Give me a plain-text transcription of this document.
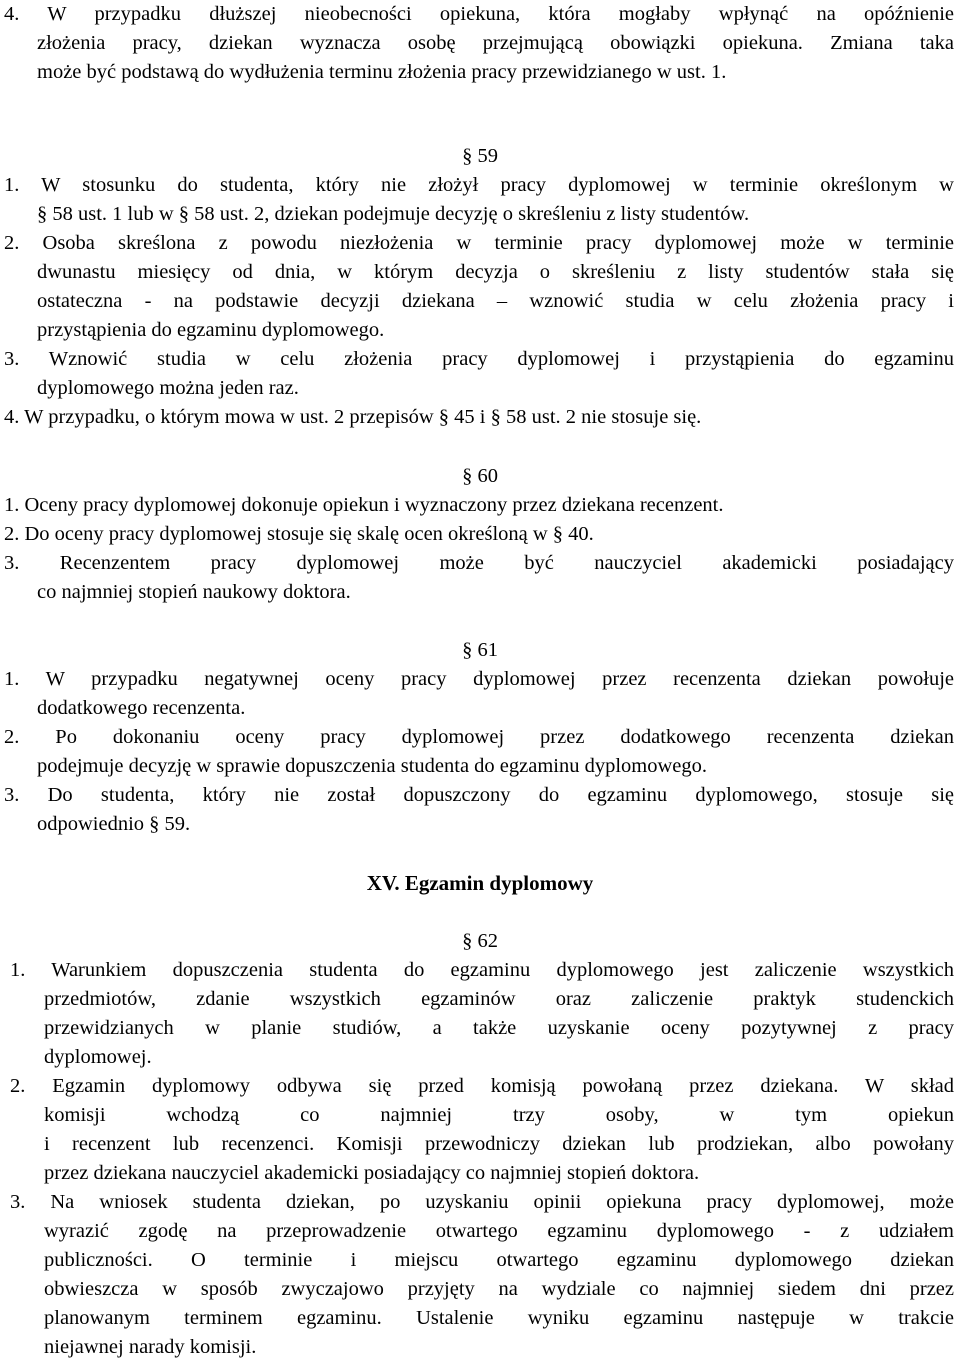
4. W przypadku dłuższej nieobecności opiekuna, która mogłaby wpłynąć na opóźnienie
złożenia pracy, dziekan wyznacza osobę przejmującą obowiązki opiekuna. Zmiana taka
może być podstawą do wydłużenia terminu złożenia pracy przewidzianego w ust. 1.
§ 59
1. W stosunku do studenta, który nie złożył pracy dyplomowej w terminie określonym w
§ 58 ust. 1 lub w § 58 ust. 2, dziekan podejmuje decyzję o skreśleniu z listy studentów.
2. Osoba skreślona z powodu niezłożenia w terminie pracy dyplomowej może w terminie
dwunastu miesięcy od dnia, w którym decyzja o skreśleniu z listy studentów stała się
ostateczna - na podstawie decyzji dziekana – wznowić studia w celu złożenia pracy i
przystąpienia do egzaminu dyplomowego.
3. Wznowić studia w celu złożenia pracy dyplomowej i przystąpienia do egzaminu
dyplomowego można jeden raz.
4. W przypadku, o którym mowa w ust. 2 przepisów § 45 i § 58 ust. 2 nie stosuje się.
§ 60
1. Oceny pracy dyplomowej dokonuje opiekun i wyznaczony przez dziekana recenzent.
2. Do oceny pracy dyplomowej stosuje się skalę ocen określoną w § 40.
3. Recenzentem pracy dyplomowej może być nauczyciel akademicki posiadający
co najmniej stopień naukowy doktora.
§ 61
1. W przypadku negatywnej oceny pracy dyplomowej przez recenzenta dziekan powołuje
dodatkowego recenzenta.
2. Po dokonaniu oceny pracy dyplomowej przez dodatkowego recenzenta dziekan
podejmuje decyzję w sprawie dopuszczenia studenta do egzaminu dyplomowego.
3. Do studenta, który nie został dopuszczony do egzaminu dyplomowego, stosuje się
odpowiednio § 59.
XV. Egzamin dyplomowy
§ 62
1. Warunkiem dopuszczenia studenta do egzaminu dyplomowego jest zaliczenie wszystkich
przedmiotów, zdanie wszystkich egzaminów oraz zaliczenie praktyk studenckich
przewidzianych w planie studiów, a także uzyskanie oceny pozytywnej z pracy
dyplomowej.
2. Egzamin dyplomowy odbywa się przed komisją powołaną przez dziekana. W skład
komisji wchodzą co najmniej trzy osoby, w tym opiekun
i recenzent lub recenzenci. Komisji przewodniczy dziekan lub prodziekan, albo powołany
przez dziekana nauczyciel akademicki posiadający co najmniej stopień doktora.
3. Na wniosek studenta dziekan, po uzyskaniu opinii opiekuna pracy dyplomowej, może
wyrazić zgodę na przeprowadzenie otwartego egzaminu dyplomowego - z udziałem
publiczności. O terminie i miejscu otwartego egzaminu dyplomowego dziekan
obwieszcza w sposób zwyczajowo przyjęty na wydziale co najmniej siedem dni przez
planowanym terminem egzaminu. Ustalenie wyniku egzaminu następuje w trakcie
niejawnej narady komisji.
